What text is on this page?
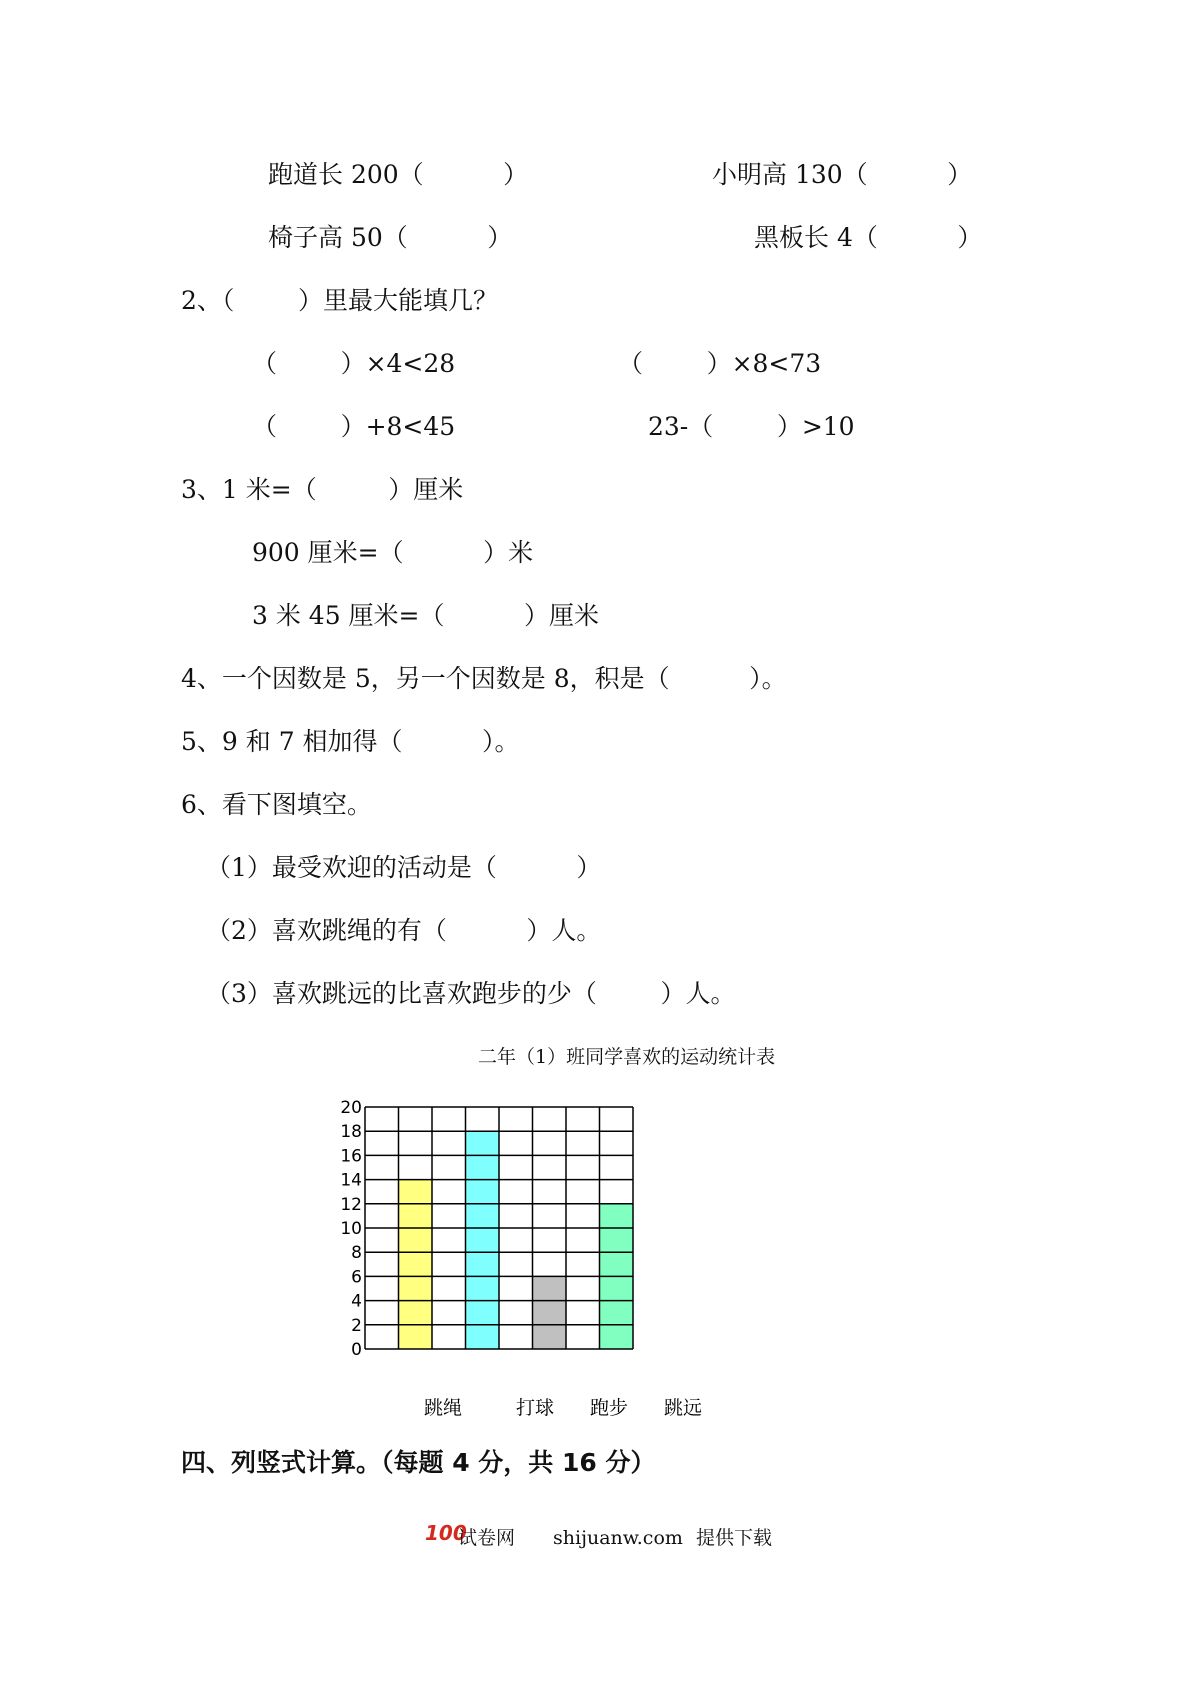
跑道长 200（          ）	小明高 130（          ）
椅子高 50（          ）	黑板长 4（          ）
2、（        ）里最大能填几？
（        ）×4<28	（        ）×8<73
（        ）+8<45	23-（        ）>10
3、1 米=（         ）厘米
900 厘米=（          ）米
3 米 45 厘米=（          ）厘米
4、一个因数是 5，另一个因数是 8，积是（          ）。
5、9 和 7 相加得（          ）。
6、看下图填空。
（1）最受欢迎的活动是（          ）
（2）喜欢跳绳的有（          ）人。
（3）喜欢跳远的比喜欢跑步的少（        ）人。
二年（1）班同学喜欢的运动统计表
20
18
16
14
12
10
8
6
4
2
0
跳绳	打球 跑步 跳远
四、列竖式计算。（每题 4 分，共 16 分）
100
试卷网 shijuanw.com 提供下载
